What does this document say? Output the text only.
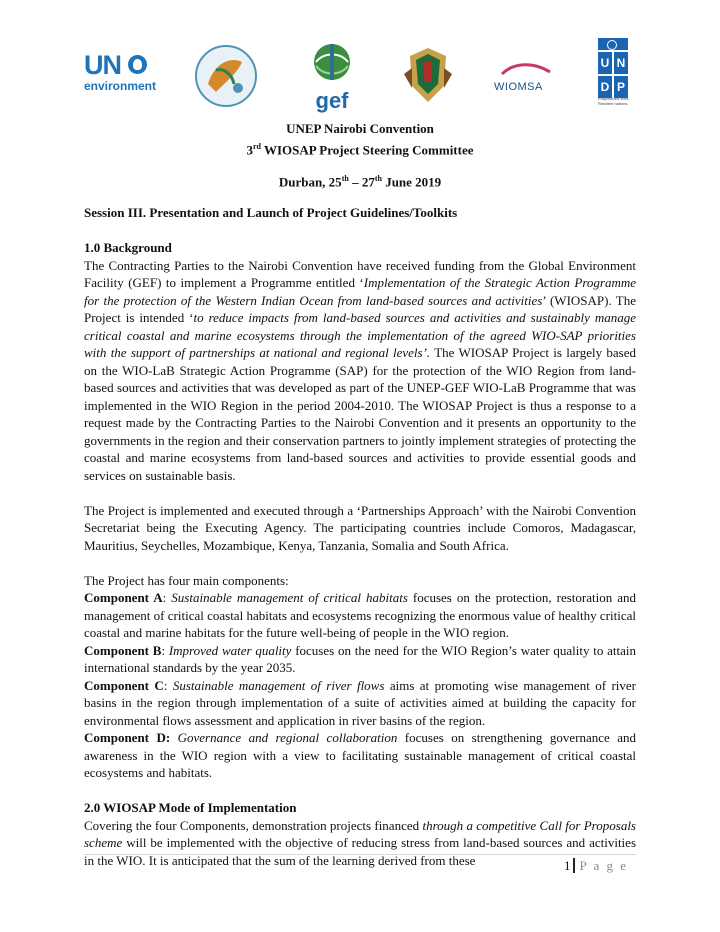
UN
environment
gef
WIOMSA
U N
D P
Empowered lives. Resilient nations.
UNEP Nairobi Convention
3rd WIOSAP Project Steering Committee
Durban, 25th – 27th June 2019

Session III. Presentation and Launch of Project Guidelines/Toolkits

1.0 Background

The Contracting Parties to the Nairobi Convention have received funding from the Global Environment Facility (GEF) to implement a Programme entitled ‘Implementation of the Strategic Action Programme for the protection of the Western Indian Ocean from land-based sources and activities’ (WIOSAP). The Project is intended ‘to reduce impacts from land-based sources and activities and sustainably manage critical coastal and marine ecosystems through the implementation of the agreed WIO-SAP priorities with the support of partnerships at national and regional levels’. The WIOSAP Project is largely based on the WIO-LaB Strategic Action Programme (SAP) for the protection of the WIO Region from land-based sources and activities that was developed as part of the UNEP-GEF WIO-LaB Programme that was implemented in the WIO Region in the period 2004-2010. The WIOSAP Project is thus a response to a request made by the Contracting Parties to the Nairobi Convention and it presents an opportunity to the governments in the region and their conservation partners to jointly implement strategies of protecting the coastal and marine ecosystems from land-based sources and activities to provide essential goods and services on sustainable basis.

The Project is implemented and executed through a ‘Partnerships Approach’ with the Nairobi Convention Secretariat being the Executing Agency. The participating countries include Comoros, Madagascar, Mauritius, Seychelles, Mozambique, Kenya, Tanzania, Somalia and South Africa.

The Project has four main components:

Component A: Sustainable management of critical habitats focuses on the protection, restoration and management of critical coastal habitats and ecosystems recognizing the enormous value of healthy critical coastal and marine habitats for the future well-being of people in the WIO region.

Component B: Improved water quality focuses on the need for the WIO Region’s water quality to attain international standards by the year 2035.

Component C: Sustainable management of river flows aims at promoting wise management of river basins in the region through implementation of a suite of activities aimed at building the capacity for environmental flows assessment and application in river basins of the region.

Component D: Governance and regional collaboration focuses on strengthening governance and awareness in the WIO region with a view to facilitating sustainable management of critical coastal ecosystems and habitats.

2.0 WIOSAP Mode of Implementation

Covering the four Components, demonstration projects financed through a competitive Call for Proposals scheme will be implemented with the objective of reducing stress from land-based sources and activities in the WIO. It is anticipated that the sum of the learning derived from these	1 P a g e
